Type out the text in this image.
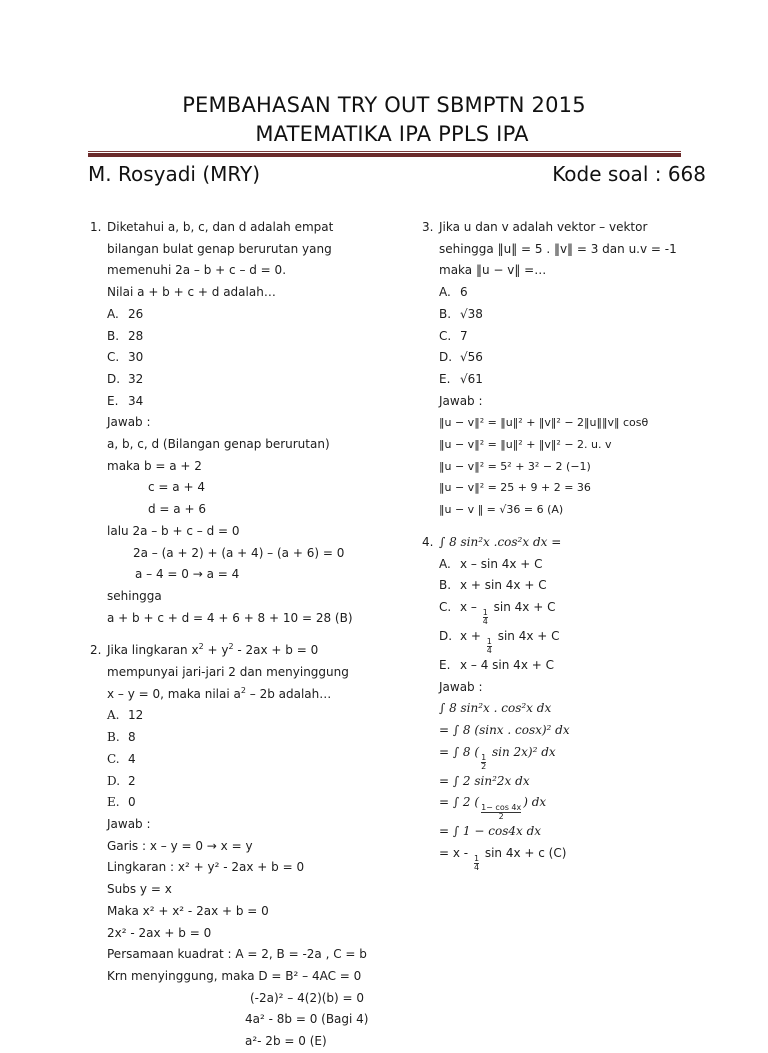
PEMBAHASAN TRY OUT SBMPTN 2015
MATEMATIKA IPA PPLS IPA
M. Rosyadi (MRY)	Kode soal : 668
1. Diketahui a, b, c, dan d adalah empat
bilangan bulat genap berurutan yang
memenuhi 2a – b + c – d = 0.
Nilai a + b + c + d adalah…
A. 26
B. 28
C. 30
D. 32
E. 34
Jawab :
a, b, c, d (Bilangan genap berurutan)
maka b = a + 2
c = a + 4
d = a + 6
lalu 2a – b + c – d = 0
2a – (a + 2) + (a + 4) – (a + 6) = 0
a – 4 = 0 → a = 4
sehingga
a + b + c + d = 4 + 6 + 8 + 10 = 28 (B)
2. Jika lingkaran $x^2 + y^2 - 2ax + b = 0$
mempunyai jari-jari 2 dan menyinggung
x – y = 0, maka nilai $a^2 - 2b$ adalah…
A. 12
B. 8
C. 4
D. 2
E. 0
Jawab :
Garis : x – y = 0 → x = y
Lingkaran : x² + y² - 2ax + b = 0
Subs y = x
Maka x² + x² - 2ax + b = 0
2x² - 2ax + b = 0
Persamaan kuadrat : A = 2, B = -2a , C = b
Krn menyinggung, maka D = B² – 4AC = 0
(-2a)² – 4(2)(b) = 0
4a² - 8b = 0 (Bagi 4)
a²- 2b = 0 (E)
3. Jika u dan v adalah vektor – vektor
sehingga ‖u‖ = 5 . ‖v‖ = 3 dan u.v = -1
maka ‖u − v‖ =…
A. 6
B. √38
C. 7
D. √56
E. √61
Jawab :
‖u − v‖² = ‖u‖² + ‖v‖² − 2‖u‖‖v‖ cosθ
‖u − v‖² = ‖u‖² + ‖v‖² − 2. u. v
‖u − v‖² = 5² + 3² − 2 (−1)
‖u − v‖² = 25 + 9 + 2 = 36
‖u − v ‖ = √36 = 6 (A)
4. ∫ 8 sin²x .cos²x dx =
A. x – sin 4x + C
B. x + sin 4x + C
C. x –
$\frac{1}{4}$
sin 4x + C
D. x +
$\frac{1}{4}$
sin 4x + C
E. x – 4 sin 4x + C
Jawab :
∫ 8 sin²x . cos²x dx
= ∫ 8 (sinx . cosx)² dx
= ∫ 8 (
$\frac{1}{2}$
sin 2x)² dx
= ∫ 2 sin²2x dx
= ∫ 2 (
$\frac{1- \cos 4x}{2}$
) dx
= ∫ 1 − cos4x dx
= x -
$\frac{1}{4}$
sin 4x + c (C)
